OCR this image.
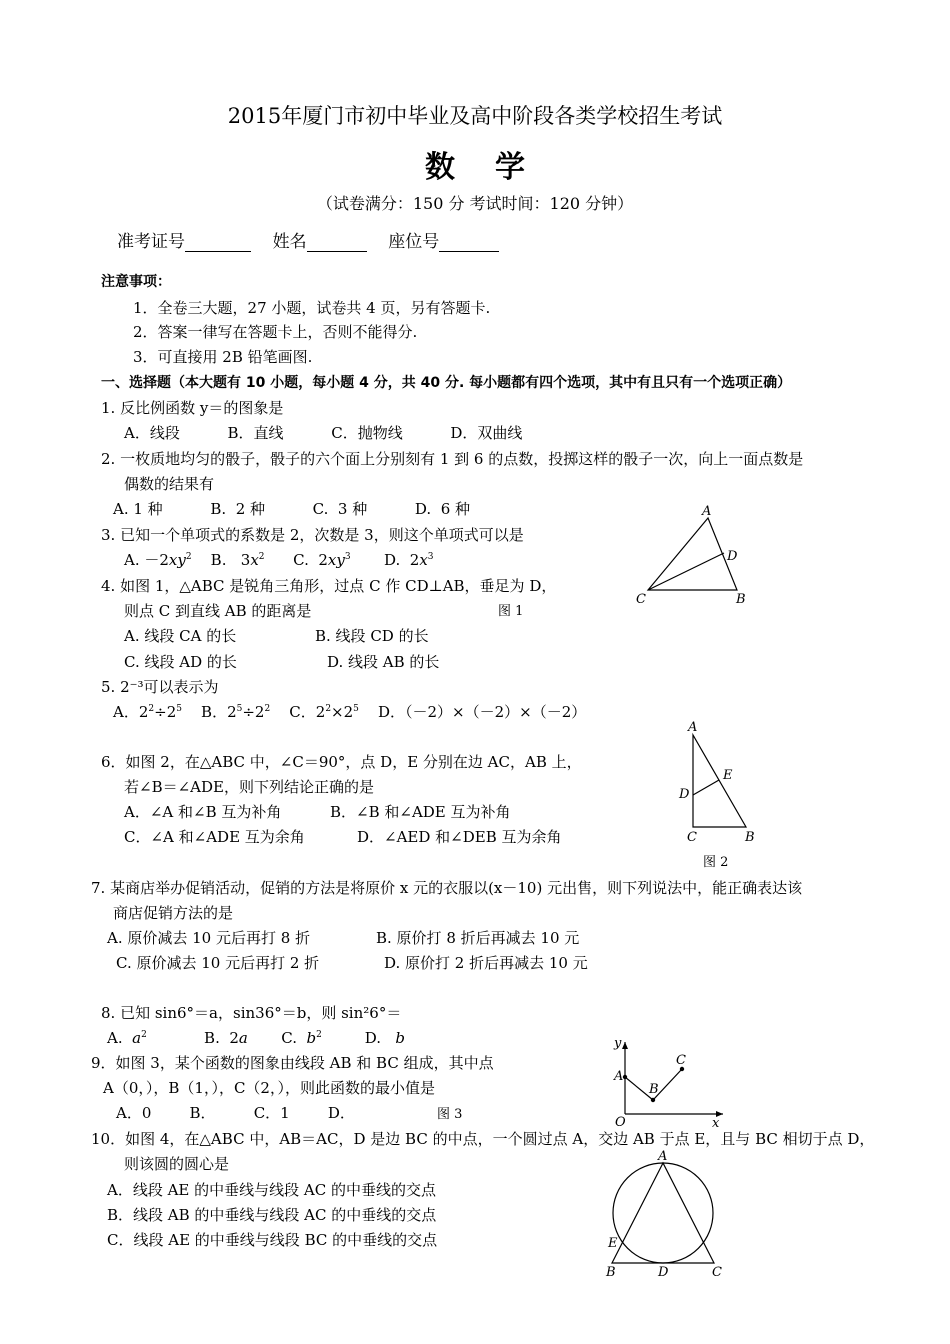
2015年厦门市初中毕业及高中阶段各类学校招生考试
数学
（试卷满分：150 分 考试时间：120 分钟）
准考证号	姓名	座位号
注意事项：
1．全卷三大题，27 小题，试卷共 4 页，另有答题卡.
2．答案一律写在答题卡上，否则不能得分.
3．可直接用 2B 铅笔画图.
一、选择题（本大题有 10 小题，每小题 4 分，共 40 分. 每小题都有四个选项，其中有且只有一个选项正确）
1. 反比例函数 y＝的图象是
A．线段          B．直线          C．抛物线          D．双曲线
2. 一枚质地均匀的骰子，骰子的六个面上分别刻有 1 到 6 的点数，投掷这样的骰子一次，向上一面点数是
偶数的结果有
A. 1 种          B.  2 种          C.  3 种          D.  6 种
3. 已知一个单项式的系数是 2，次数是 3，则这个单项式可以是
A. $-2xy^2$    B.   $3x^2$      C.  $2xy^3$       D.  $2x^3$
4. 如图 1，△ABC 是锐角三角形，过点 C 作 CD⊥AB，垂足为 D，
则点 C 到直线 AB 的距离是	图 1
A. 线段 CA 的长	B. 线段 CD 的长
C. 线段 AD 的长	D. 线段 AB 的长
5. 2⁻³可以表示为
A．$2^2\div 2^5$    B．$2^5\div 2^2$    C．$2^2\times 2^5$    D．（－2）×（－2）×（－2）
6．如图 2，在△ABC 中，∠C＝90°，点 D，E 分别在边 AC，AB 上，
若∠B＝∠ADE，则下列结论正确的是
A．∠A 和∠B 互为补角	B．∠B 和∠ADE 互为补角
C．∠A 和∠ADE 互为余角	D．∠AED 和∠DEB 互为余角
图 2
7. 某商店举办促销活动，促销的方法是将原价 x 元的衣服以(x－10) 元出售，则下列说法中，能正确表达该
商店促销方法的是
A. 原价减去 10 元后再打 8 折	B. 原价打 8 折后再减去 10 元
C. 原价减去 10 元后再打 2 折	D. 原价打 2 折后再减去 10 元
8. 已知 sin6°＝a，sin36°＝b，则 sin²6°＝
A.  $a^2$            B.  2a       C.  $b^2$         D.   b
9．如图 3，某个函数的图象由线段 AB 和 BC 组成，其中点
A（0，），B（1，），C（2，），则此函数的最小值是
A．0        B．        C．1        D．	图 3
10．如图 4，在△ABC 中，AB＝AC，D 是边 BC 的中点，一个圆过点 A，交边 AB 于点 E，且与 BC 相切于点 D，
则该圆的圆心是
A．线段 AE 的中垂线与线段 AC 的中垂线的交点
B．线段 AB 的中垂线与线段 AC 的中垂线的交点
C．线段 AE 的中垂线与线段 BC 的中垂线的交点
A
D
C	B
A
E
D
C	B
y
C
A
B
O	x
A
E
B	D	C
